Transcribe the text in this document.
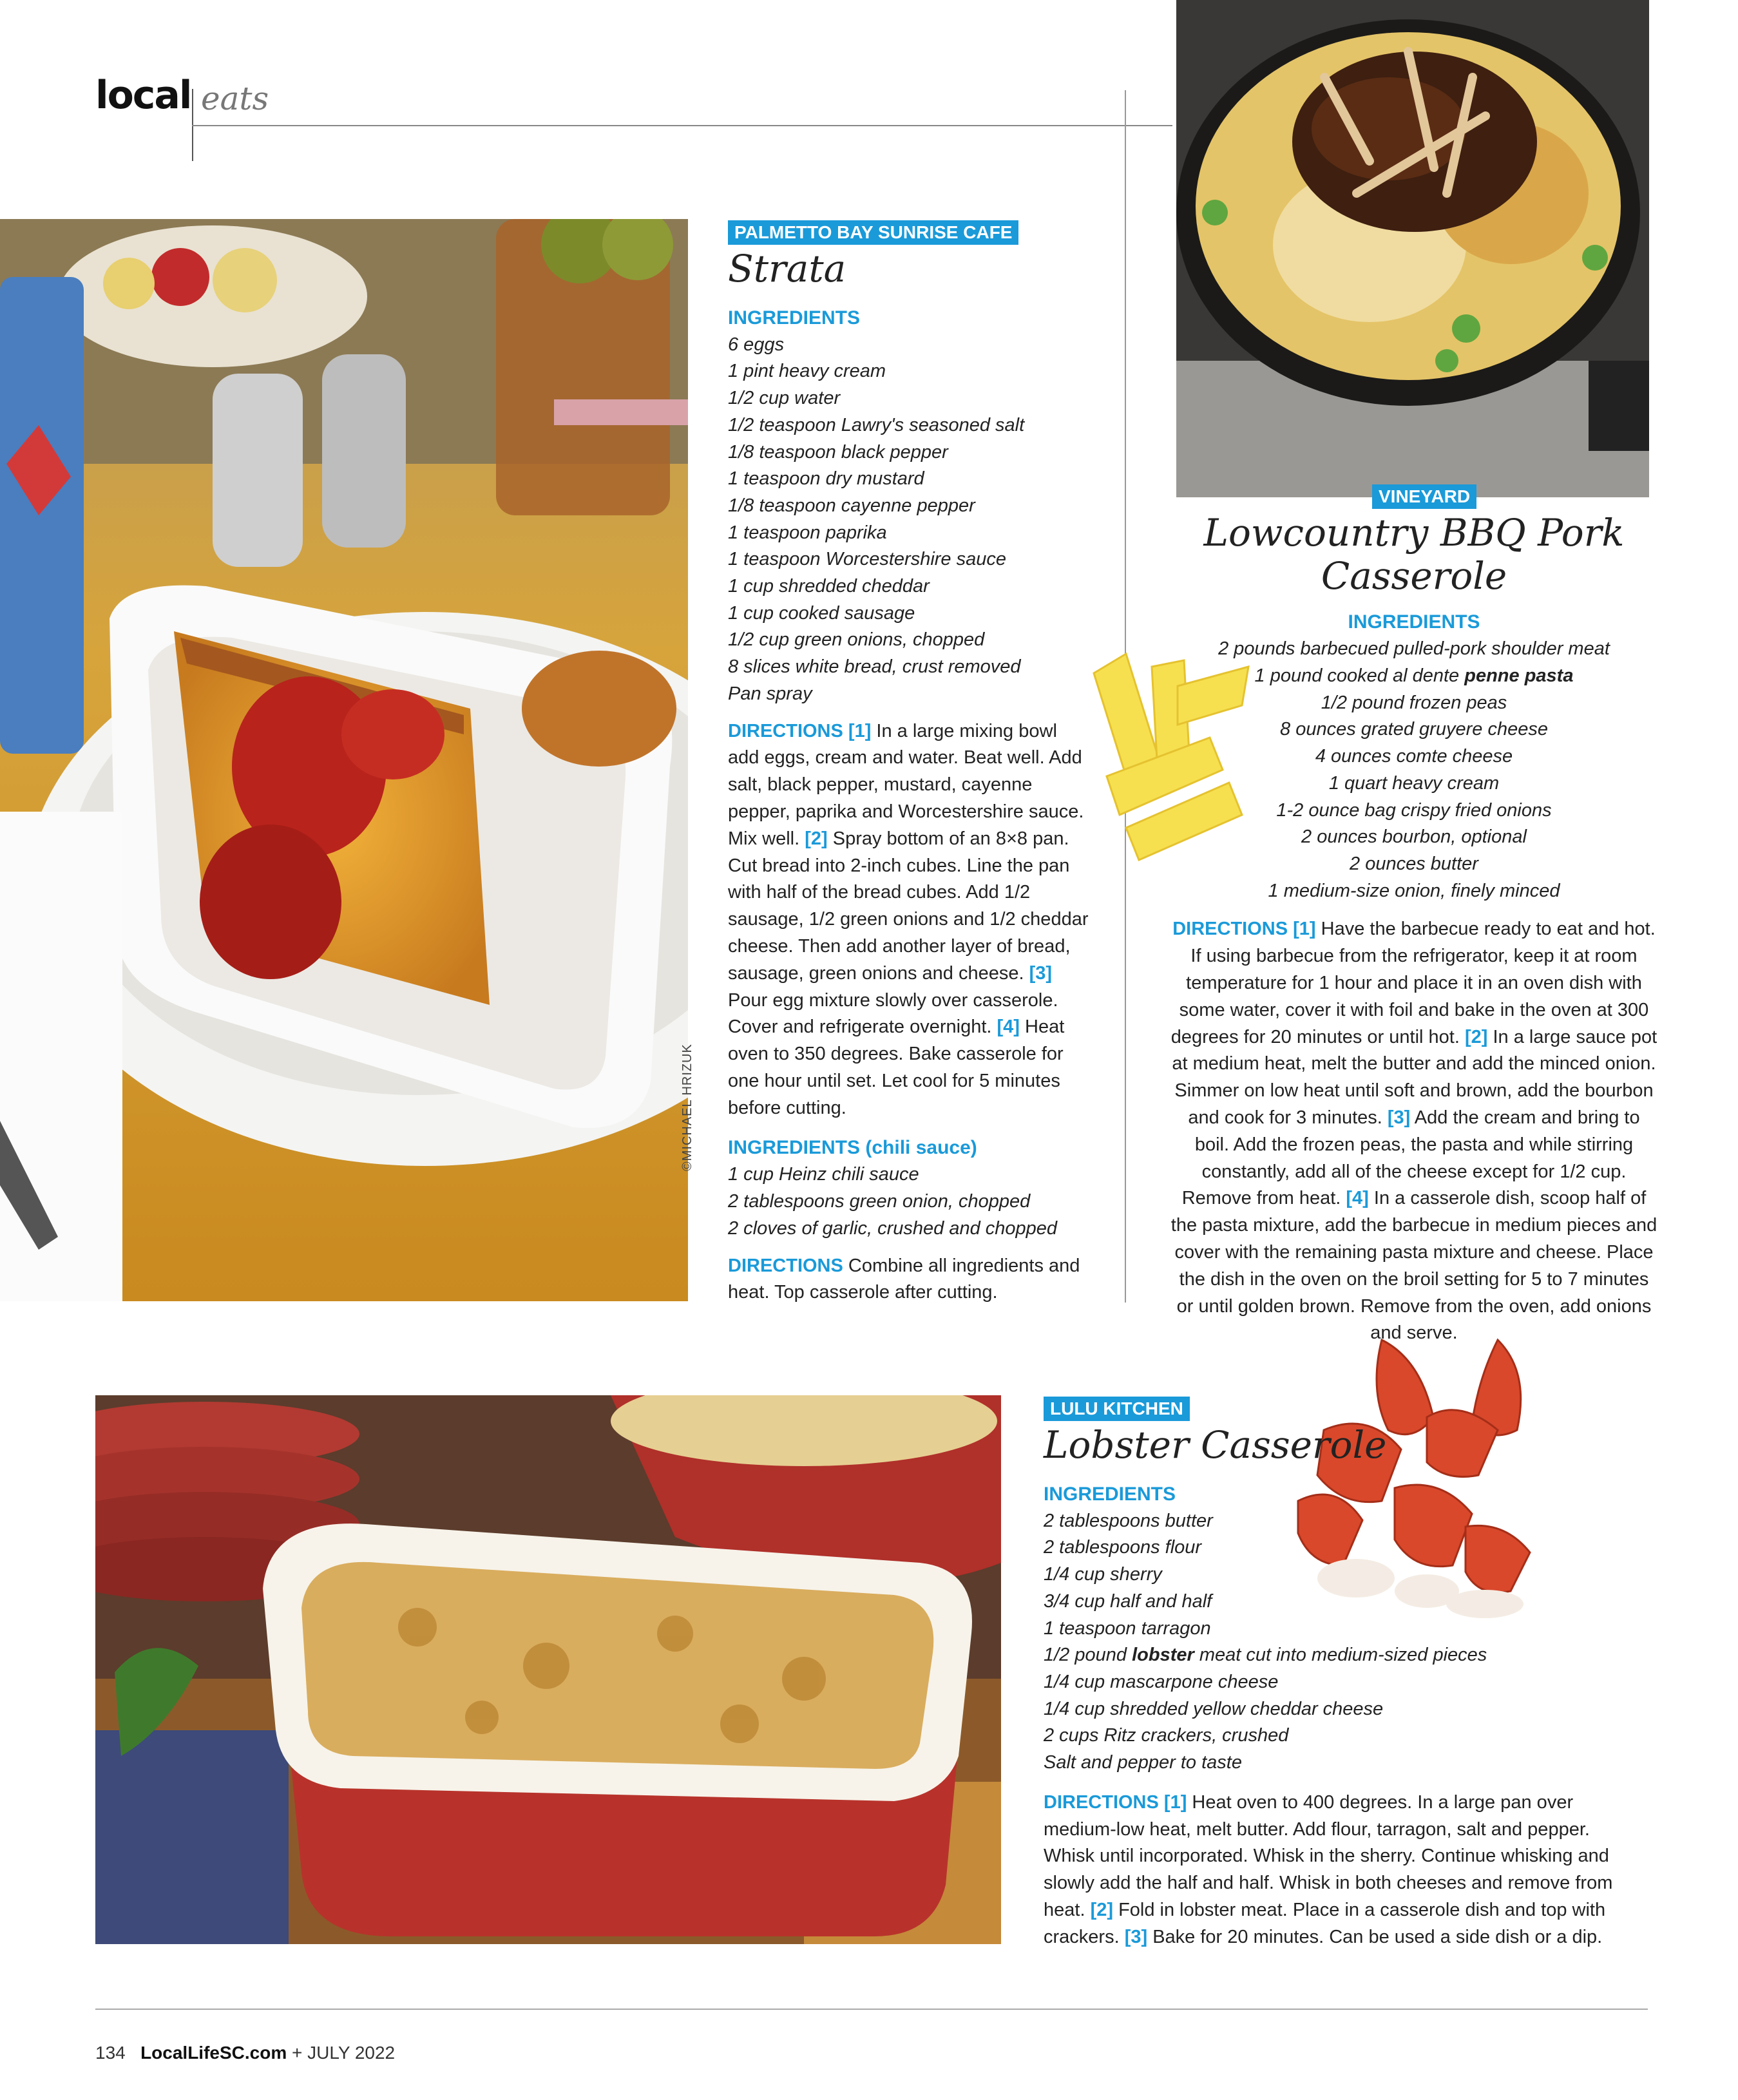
local eats
©MICHAEL HRIZUK
PALMETTO BAY SUNRISE CAFE
Strata
INGREDIENTS
6 eggs
1 pint heavy cream
1/2 cup water
1/2 teaspoon Lawry's seasoned salt
1/8 teaspoon black pepper
1 teaspoon dry mustard
1/8 teaspoon cayenne pepper
1 teaspoon paprika
1 teaspoon Worcestershire sauce
1 cup shredded cheddar
1 cup cooked sausage
1/2 cup green onions, chopped
8 slices white bread, crust removed
Pan spray
DIRECTIONS [1] In a large mixing bowl add eggs, cream and water. Beat well. Add salt, black pepper, mustard, cayenne pepper, paprika and Worcestershire sauce. Mix well. [2] Spray bottom of an 8×8 pan. Cut bread into 2-inch cubes. Line the pan with half of the bread cubes. Add 1/2 sausage, 1/2 green onions and 1/2 cheddar cheese. Then add another layer of bread, sausage, green onions and cheese. [3] Pour egg mixture slowly over casserole. Cover and refrigerate overnight. [4] Heat oven to 350 degrees. Bake casserole for one hour until set. Let cool for 5 minutes before cutting.
INGREDIENTS (chili sauce)
1 cup Heinz chili sauce
2 tablespoons green onion, chopped
2 cloves of garlic, crushed and chopped
DIRECTIONS Combine all ingredients and heat. Top casserole after cutting.
VINEYARD
Lowcountry BBQ Pork Casserole
INGREDIENTS
2 pounds barbecued pulled-pork shoulder meat
1 pound cooked al dente penne pasta
1/2 pound frozen peas
8 ounces grated gruyere cheese
4 ounces comte cheese
1 quart heavy cream
1-2 ounce bag crispy fried onions
2 ounces bourbon, optional
2 ounces butter
1 medium-size onion, finely minced
DIRECTIONS [1] Have the barbecue ready to eat and hot. If using barbecue from the refrigerator, keep it at room temperature for 1 hour and place it in an oven dish with some water, cover it with foil and bake in the oven at 300 degrees for 20 minutes or until hot. [2] In a large sauce pot at medium heat, melt the butter and add the minced onion. Simmer on low heat until soft and brown, add the bourbon and cook for 3 minutes. [3] Add the cream and bring to boil. Add the frozen peas, the pasta and while stirring constantly, add all of the cheese except for 1/2 cup. Remove from heat. [4] In a casserole dish, scoop half of the pasta mixture, add the barbecue in medium pieces and cover with the remaining pasta mixture and cheese. Place the dish in the oven on the broil setting for 5 to 7 minutes or until golden brown. Remove from the oven, add onions and serve.
LULU KITCHEN
Lobster Casserole
INGREDIENTS
2 tablespoons butter
2 tablespoons flour
1/4 cup sherry
3/4 cup half and half
1 teaspoon tarragon
1/2 pound lobster meat cut into medium-sized pieces
1/4 cup mascarpone cheese
1/4 cup shredded yellow cheddar cheese
2 cups Ritz crackers, crushed
Salt and pepper to taste
DIRECTIONS [1] Heat oven to 400 degrees. In a large pan over medium-low heat, melt butter. Add flour, tarragon, salt and pepper. Whisk until incorporated. Whisk in the sherry. Continue whisking and slowly add the half and half. Whisk in both cheeses and remove from heat. [2] Fold in lobster meat. Place in a casserole dish and top with crackers. [3] Bake for 20 minutes. Can be used a side dish or a dip.
134 LocalLifeSC.com + JULY 2022
